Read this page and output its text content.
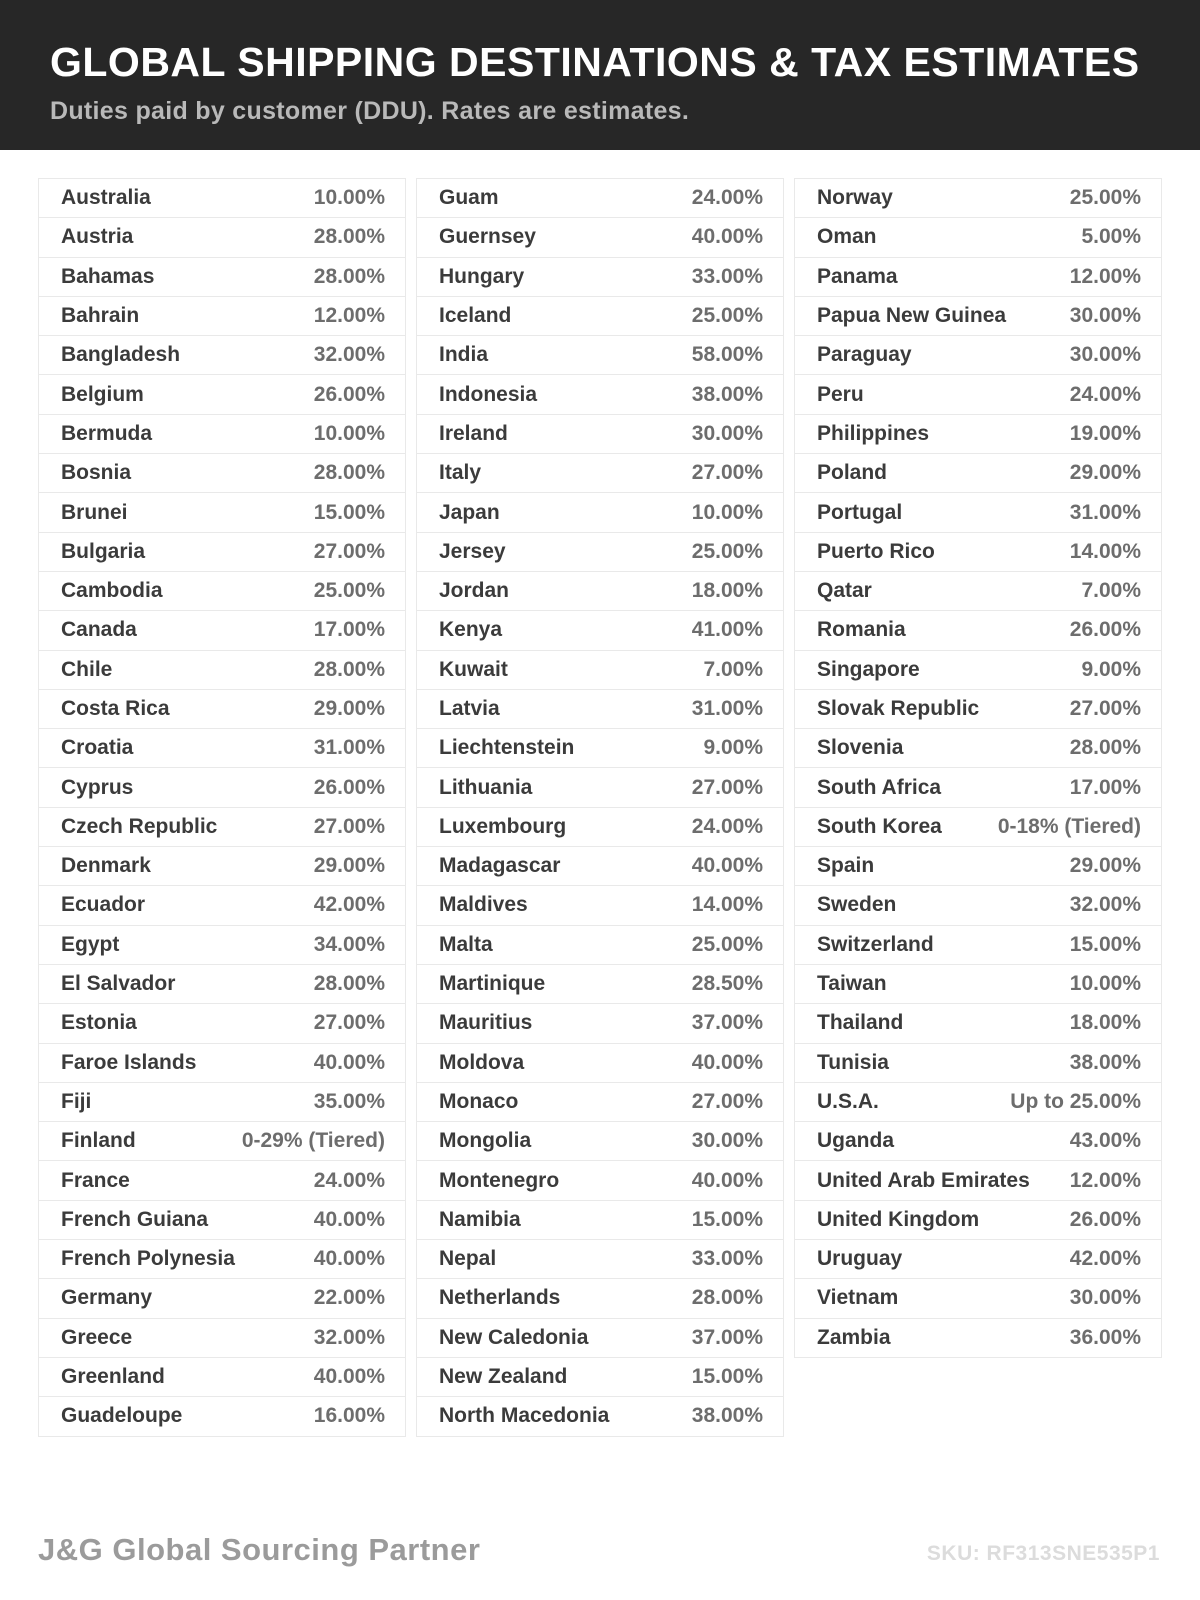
GLOBAL SHIPPING DESTINATIONS & TAX ESTIMATES
Duties paid by customer (DDU). Rates are estimates.
Australia	10.00%
Austria	28.00%
Bahamas	28.00%
Bahrain	12.00%
Bangladesh	32.00%
Belgium	26.00%
Bermuda	10.00%
Bosnia	28.00%
Brunei	15.00%
Bulgaria	27.00%
Cambodia	25.00%
Canada	17.00%
Chile	28.00%
Costa Rica	29.00%
Croatia	31.00%
Cyprus	26.00%
Czech Republic	27.00%
Denmark	29.00%
Ecuador	42.00%
Egypt	34.00%
El Salvador	28.00%
Estonia	27.00%
Faroe Islands	40.00%
Fiji	35.00%
Finland	0-29% (Tiered)
France	24.00%
French Guiana	40.00%
French Polynesia	40.00%
Germany	22.00%
Greece	32.00%
Greenland	40.00%
Guadeloupe	16.00%
Guam	24.00%
Guernsey	40.00%
Hungary	33.00%
Iceland	25.00%
India	58.00%
Indonesia	38.00%
Ireland	30.00%
Italy	27.00%
Japan	10.00%
Jersey	25.00%
Jordan	18.00%
Kenya	41.00%
Kuwait	7.00%
Latvia	31.00%
Liechtenstein	9.00%
Lithuania	27.00%
Luxembourg	24.00%
Madagascar	40.00%
Maldives	14.00%
Malta	25.00%
Martinique	28.50%
Mauritius	37.00%
Moldova	40.00%
Monaco	27.00%
Mongolia	30.00%
Montenegro	40.00%
Namibia	15.00%
Nepal	33.00%
Netherlands	28.00%
New Caledonia	37.00%
New Zealand	15.00%
North Macedonia	38.00%
Norway	25.00%
Oman	5.00%
Panama	12.00%
Papua New Guinea	30.00%
Paraguay	30.00%
Peru	24.00%
Philippines	19.00%
Poland	29.00%
Portugal	31.00%
Puerto Rico	14.00%
Qatar	7.00%
Romania	26.00%
Singapore	9.00%
Slovak Republic	27.00%
Slovenia	28.00%
South Africa	17.00%
South Korea	0-18% (Tiered)
Spain	29.00%
Sweden	32.00%
Switzerland	15.00%
Taiwan	10.00%
Thailand	18.00%
Tunisia	38.00%
U.S.A.	Up to 25.00%
Uganda	43.00%
United Arab Emirates 12.00%
United Kingdom	26.00%
Uruguay	42.00%
Vietnam	30.00%
Zambia	36.00%
J&G Global Sourcing Partner	SKU: RF313SNE535P1
